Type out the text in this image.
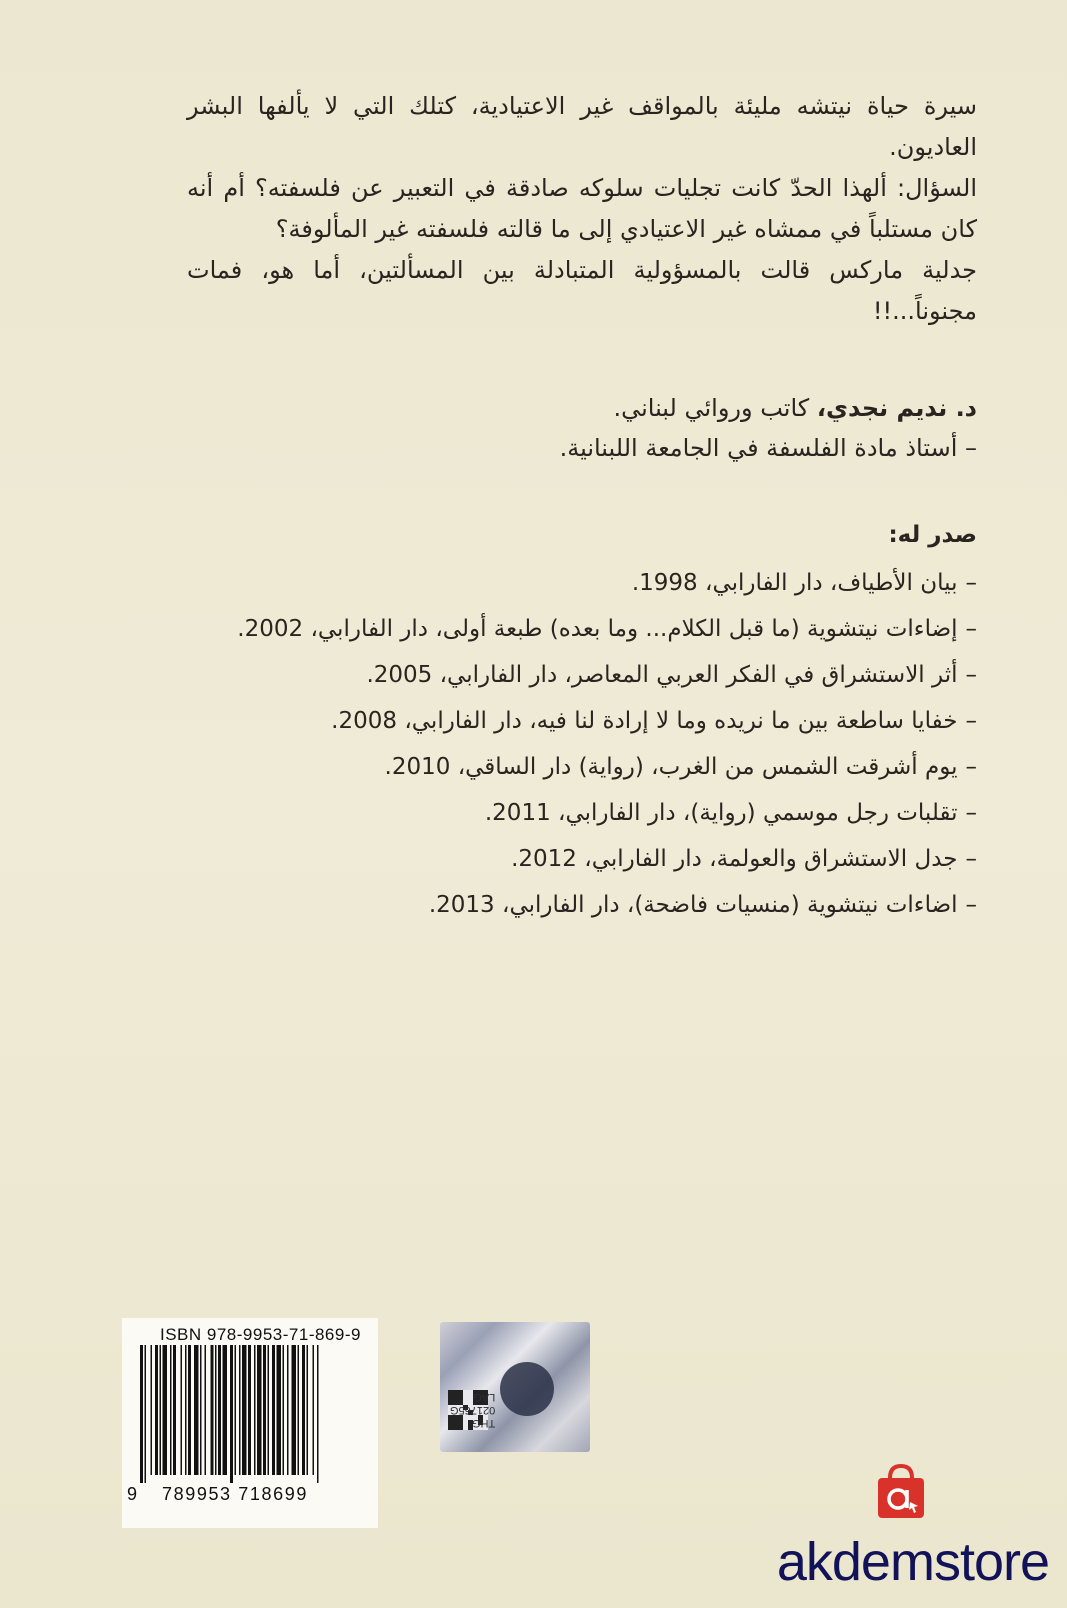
سيرة حياة نيتشه مليئة بالمواقف غير الاعتيادية، كتلك التي لا يألفها البشر العاديون.

السؤال: ألهذا الحدّ كانت تجليات سلوكه صادقة في التعبير عن فلسفته؟ أم أنه كان مستلباً في ممشاه غير الاعتيادي إلى ما قالته فلسفته غير المألوفة؟

جدلية ماركس قالت بالمسؤولية المتبادلة بين المسألتين، أما هو، فمات مجنوناً...!!

د. نديم نجدي، كاتب وروائي لبناني.

– أستاذ مادة الفلسفة في الجامعة اللبنانية.

صدر له:

–بيان الأطياف، دار الفارابي، 1998.
–إضاءات نيتشوية (ما قبل الكلام... وما بعده) طبعة أولى، دار الفارابي، 2002.
–أثر الاستشراق في الفكر العربي المعاصر، دار الفارابي، 2005.
–خفايا ساطعة بين ما نريده وما لا إرادة لنا فيه، دار الفارابي، 2008.
–يوم أشرقت الشمس من الغرب، (رواية) دار الساقي، 2010.
–تقلبات رجل موسمي (رواية)، دار الفارابي، 2011.
–جدل الاستشراق والعولمة، دار الفارابي، 2012.
–اضاءات نيتشوية (منسيات فاضحة)، دار الفارابي، 2013.
ISBN 978-9953-71-869-9
9 789953 718699
THG
021765G
LAG
akdemstore
